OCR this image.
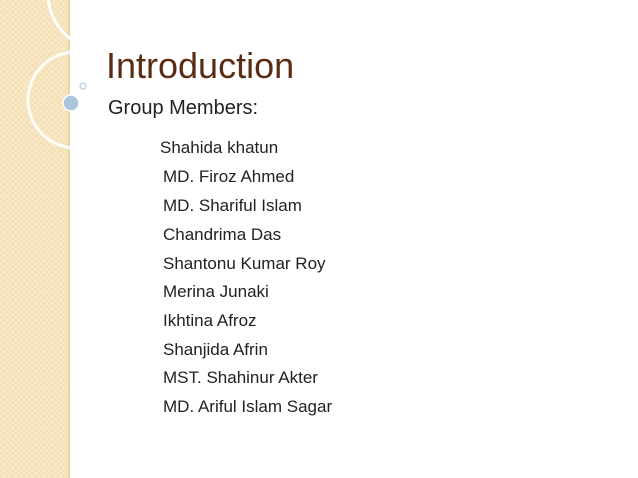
Introduction
Group Members:
Shahida khatun
MD. Firoz Ahmed
MD. Shariful Islam
Chandrima Das
Shantonu Kumar Roy
Merina Junaki
Ikhtina Afroz
Shanjida Afrin
MST. Shahinur Akter
MD. Ariful Islam Sagar
